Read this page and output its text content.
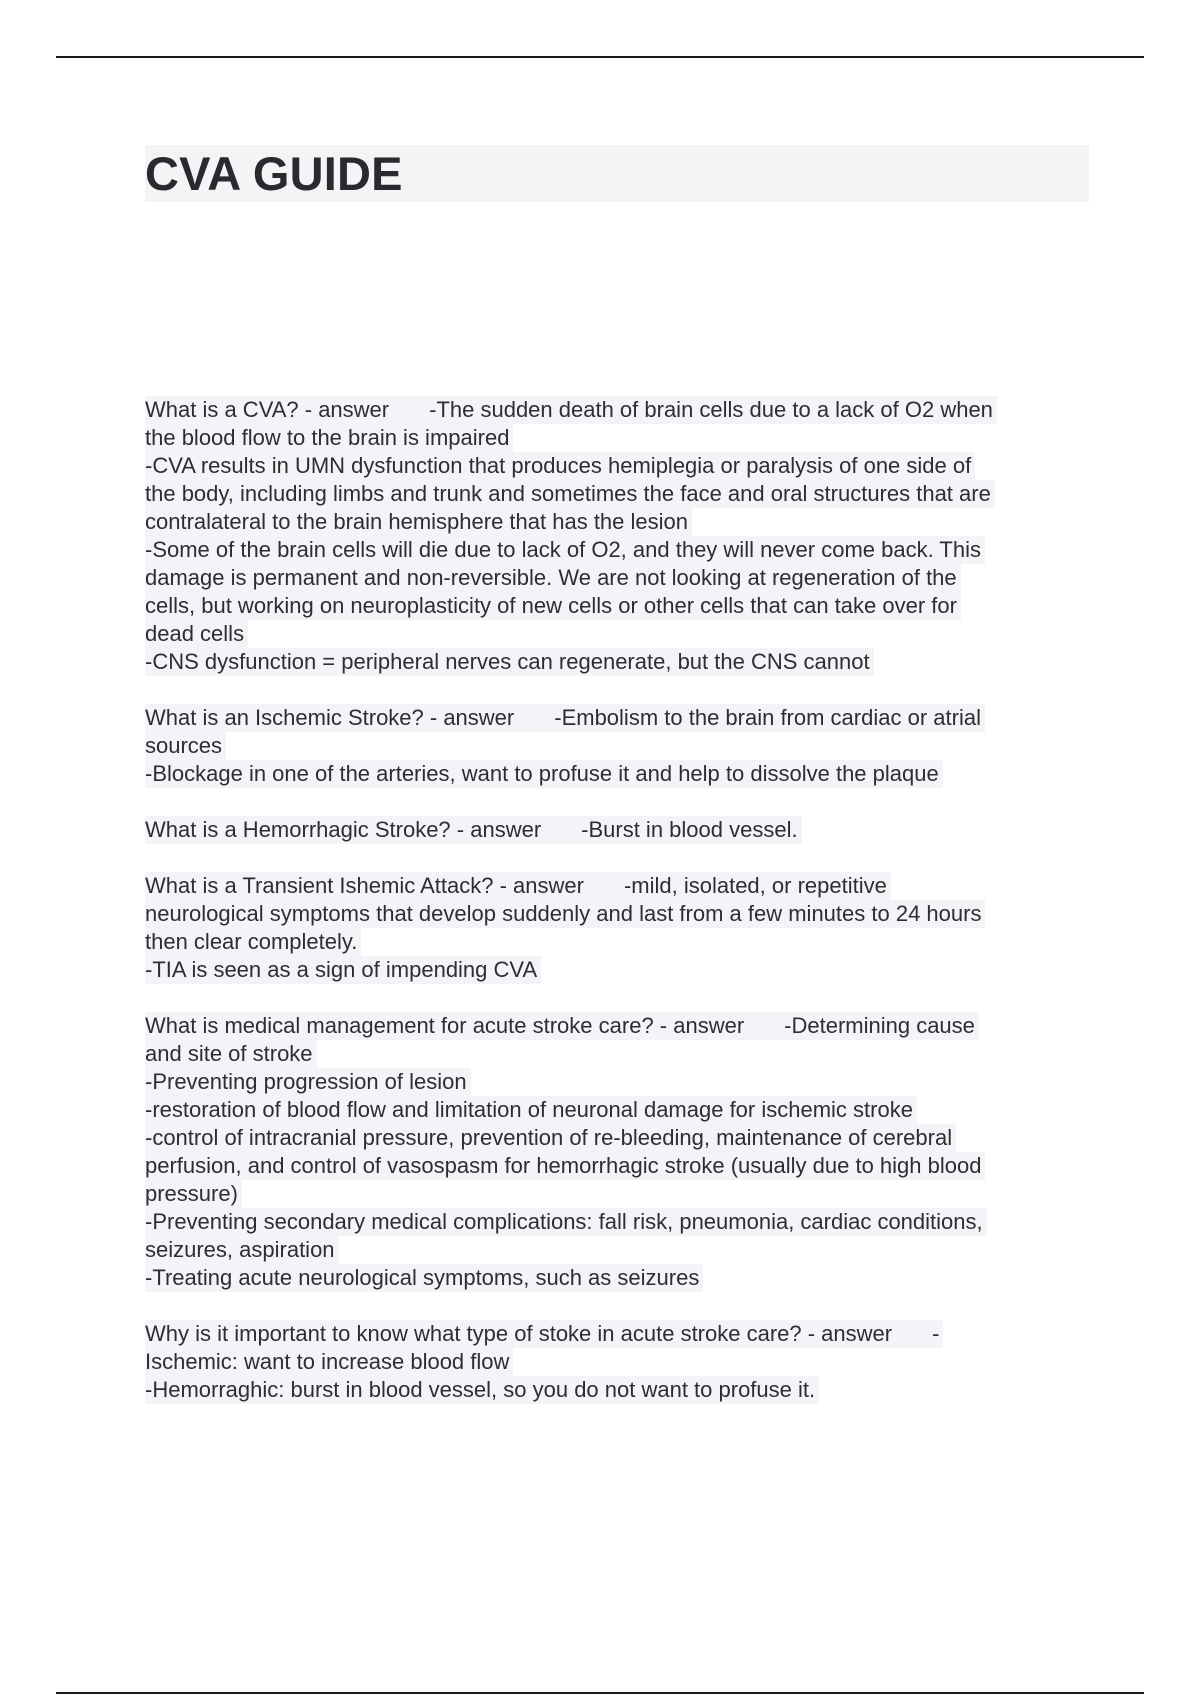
CVA GUIDE
What is a CVA? - answer -The sudden death of brain cells due to a lack of O2 when
the blood flow to the brain is impaired
-CVA results in UMN dysfunction that produces hemiplegia or paralysis of one side of
the body, including limbs and trunk and sometimes the face and oral structures that are
contralateral to the brain hemisphere that has the lesion
-Some of the brain cells will die due to lack of O2, and they will never come back. This
damage is permanent and non-reversible. We are not looking at regeneration of the
cells, but working on neuroplasticity of new cells or other cells that can take over for
dead cells
-CNS dysfunction = peripheral nerves can regenerate, but the CNS cannot
What is an Ischemic Stroke? - answer -Embolism to the brain from cardiac or atrial
sources
-Blockage in one of the arteries, want to profuse it and help to dissolve the plaque
What is a Hemorrhagic Stroke? - answer -Burst in blood vessel.
What is a Transient Ishemic Attack? - answer -mild, isolated, or repetitive
neurological symptoms that develop suddenly and last from a few minutes to 24 hours
then clear completely.
-TIA is seen as a sign of impending CVA
What is medical management for acute stroke care? - answer -Determining cause
and site of stroke
-Preventing progression of lesion
-restoration of blood flow and limitation of neuronal damage for ischemic stroke
-control of intracranial pressure, prevention of re-bleeding, maintenance of cerebral
perfusion, and control of vasospasm for hemorrhagic stroke (usually due to high blood
pressure)
-Preventing secondary medical complications: fall risk, pneumonia, cardiac conditions,
seizures, aspiration
-Treating acute neurological symptoms, such as seizures
Why is it important to know what type of stoke in acute stroke care? - answer -
Ischemic: want to increase blood flow
-Hemorraghic: burst in blood vessel, so you do not want to profuse it.
